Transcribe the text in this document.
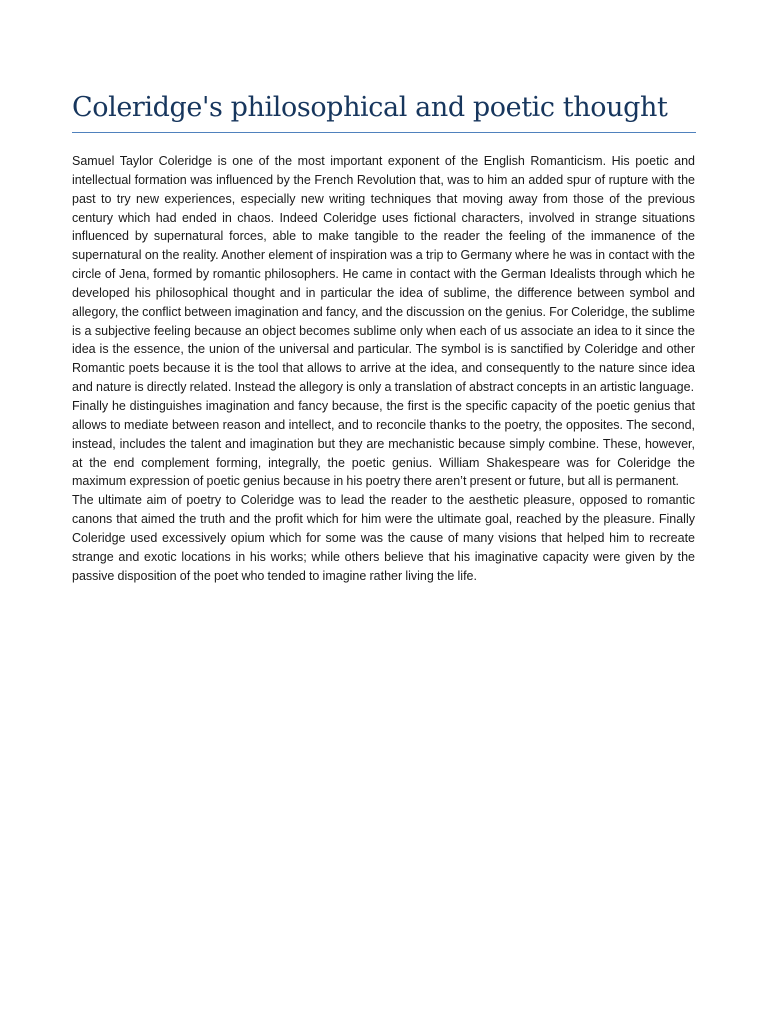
Coleridge's philosophical and poetic thought

Samuel Taylor Coleridge is one of the most important exponent of the English Romanticism. His poetic and intellectual formation was influenced by the French Revolution that, was to him an added spur of rupture with the past to try new experiences, especially new writing techniques that moving away from those of the previous century which had ended in chaos. Indeed Coleridge uses fictional characters, involved in strange situations influenced by supernatural forces, able to make tangible to the reader the feeling of the immanence of the supernatural on the reality. Another element of inspiration was a trip to Germany where he was in contact with the circle of Jena, formed by romantic philosophers. He came in contact with the German Idealists through which he developed his philosophical thought and in particular the idea of sublime, the difference between symbol and allegory, the conflict between imagination and fancy, and the discussion on the genius. For Coleridge, the sublime is a subjective feeling because an object becomes sublime only when each of us associate an idea to it since the idea is the essence, the union of the universal and particular. The symbol is is sanctified by Coleridge and other Romantic poets because it is the tool that allows to arrive at the idea, and consequently to the nature since idea and nature is directly related. Instead the allegory is only a translation of abstract concepts in an artistic language.

Finally he distinguishes imagination and fancy because, the first is the specific capacity of the poetic genius that allows to mediate between reason and intellect, and to reconcile thanks to the poetry, the opposites. The second, instead, includes the talent and imagination but they are mechanistic because simply combine. These, however, at the end complement forming, integrally, the poetic genius. William Shakespeare was for Coleridge the maximum expression of poetic genius because in his poetry there aren’t present or future, but all is permanent.

The ultimate aim of poetry to Coleridge was to lead the reader to the aesthetic pleasure, opposed to romantic canons that aimed the truth and the profit which for him were the ultimate goal, reached by the pleasure. Finally Coleridge used excessively opium which for some was the cause of many visions that helped him to recreate strange and exotic locations in his works; while others believe that his imaginative capacity were given by the passive disposition of the poet who tended to imagine rather living the life.
